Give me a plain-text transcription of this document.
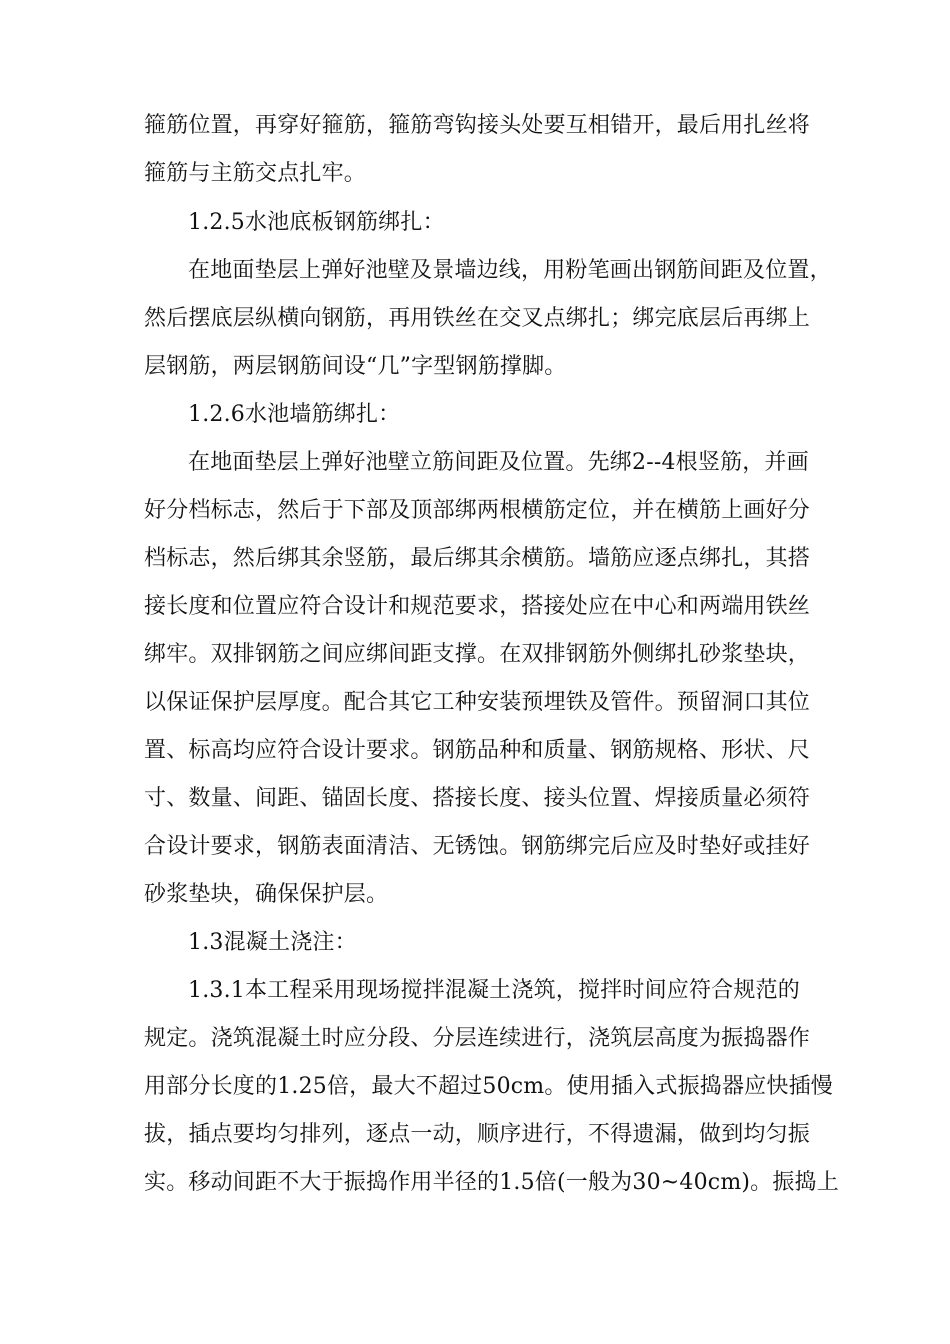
箍筋位置，再穿好箍筋，箍筋弯钩接头处要互相错开，最后用扎丝将
箍筋与主筋交点扎牢。
1.2.5水池底板钢筋绑扎：
在地面垫层上弹好池壁及景墙边线，用粉笔画出钢筋间距及位置，
然后摆底层纵横向钢筋，再用铁丝在交叉点绑扎；绑完底层后再绑上
层钢筋，两层钢筋间设“几”字型钢筋撑脚。
1.2.6水池墙筋绑扎：
在地面垫层上弹好池壁立筋间距及位置。先绑2--4根竖筋，并画
好分档标志，然后于下部及顶部绑两根横筋定位，并在横筋上画好分
档标志，然后绑其余竖筋，最后绑其余横筋。墙筋应逐点绑扎，其搭
接长度和位置应符合设计和规范要求，搭接处应在中心和两端用铁丝
绑牢。双排钢筋之间应绑间距支撑。在双排钢筋外侧绑扎砂浆垫块，
以保证保护层厚度。配合其它工种安装预埋铁及管件。预留洞口其位
置、标高均应符合设计要求。钢筋品种和质量、钢筋规格、形状、尺
寸、数量、间距、锚固长度、搭接长度、接头位置、焊接质量必须符
合设计要求，钢筋表面清洁、无锈蚀。钢筋绑完后应及时垫好或挂好
砂浆垫块，确保保护层。
1.3混凝土浇注：
1.3.1本工程采用现场搅拌混凝土浇筑，搅拌时间应符合规范的
规定。浇筑混凝土时应分段、分层连续进行，浇筑层高度为振捣器作
用部分长度的1.25倍，最大不超过50cm。使用插入式振捣器应快插慢
拔，插点要均匀排列，逐点一动，顺序进行，不得遗漏，做到均匀振
实。移动间距不大于振捣作用半径的1.5倍(一般为30~40cm)。振捣上
